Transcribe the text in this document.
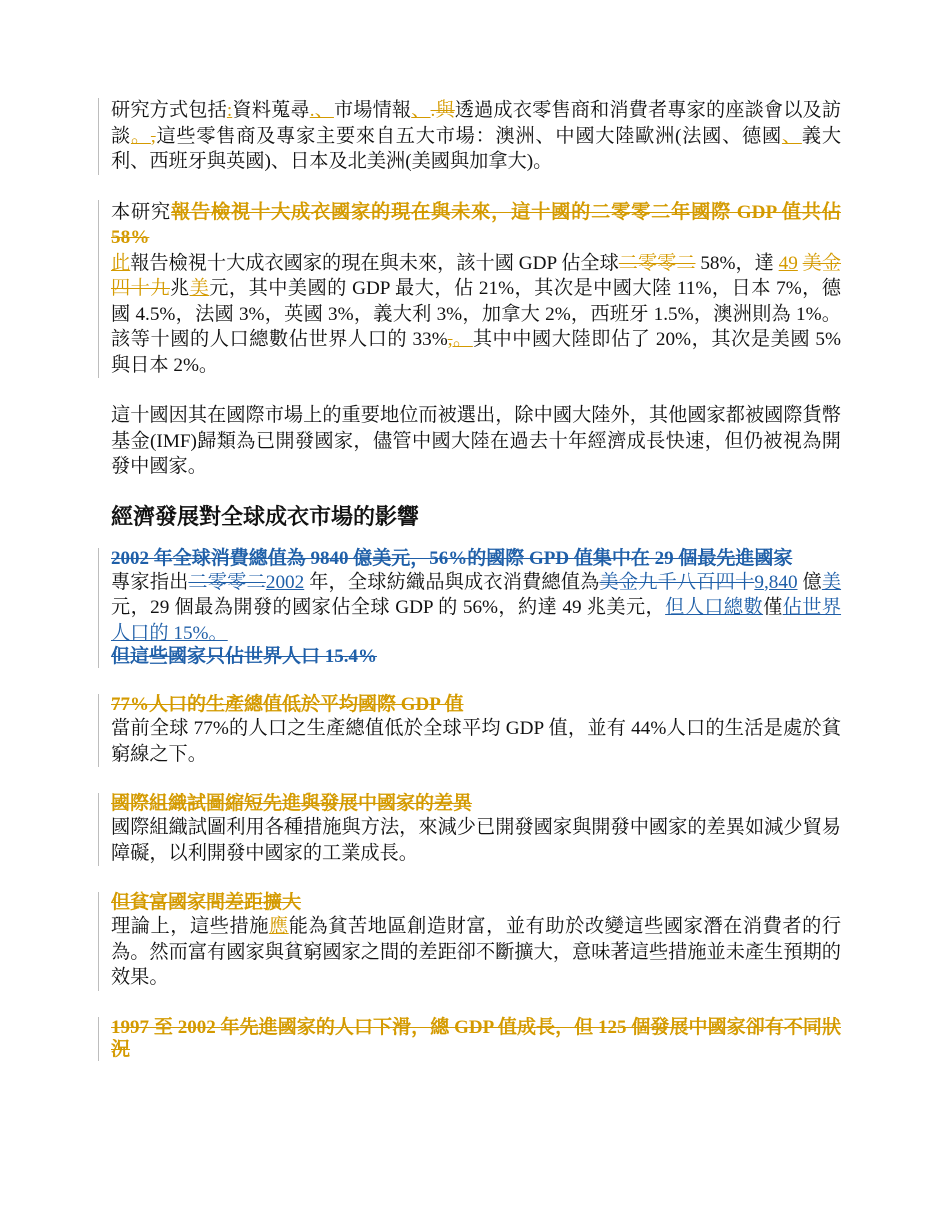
研究方式包括:資料蒐尋.、市場情報、.與透過成衣零售商和消費者專家的座談會以及訪談。,這些零售商及專家主要來自五大市場：澳洲、中國大陸歐洲(法國、德國、義大利、西班牙與英國)、日本及北美洲(美國與加拿大)。
本研究報告檢視十大成衣國家的現在與未來，這十國的二零零二年國際 GDP 值共佔 58%
此報告檢視十大成衣國家的現在與未來，該十國 GDP 佔全球二零零二 58%，達 49 美金四十九兆美元，其中美國的 GDP 最大，佔 21%，其次是中國大陸 11%，日本 7%，德國 4.5%，法國 3%，英國 3%，義大利 3%，加拿大 2%，西班牙 1.5%，澳洲則為 1%。該等十國的人口總數佔世界人口的 33%,。其中中國大陸即佔了 20%，其次是美國 5% 與日本 2%。
這十國因其在國際市場上的重要地位而被選出，除中國大陸外，其他國家都被國際貨幣基金(IMF)歸類為已開發國家，儘管中國大陸在過去十年經濟成長快速，但仍被視為開發中國家。
經濟發展對全球成衣市場的影響
2002 年全球消費總值為 9840 億美元，56%的國際 GPD 值集中在 29 個最先進國家
專家指出二零零二2002 年，全球紡織品與成衣消費總值為美金九千八百四十9,840 億美元，29 個最為開發的國家佔全球 GDP 的 56%，約達 49 兆美元，但人口總數僅佔世界人口的 15%。
但這些國家只佔世界人口 15.4%
77%人口的生產總值低於平均國際 GDP 值
當前全球 77%的人口之生產總值低於全球平均 GDP 值，並有 44%人口的生活是處於貧窮線之下。
國際組織試圖縮短先進與發展中國家的差異
國際組織試圖利用各種措施與方法，來減少已開發國家與開發中國家的差異如減少貿易障礙，以利開發中國家的工業成長。
但貧富國家間差距擴大
理論上，這些措施應能為貧苦地區創造財富，並有助於改變這些國家潛在消費者的行為。然而富有國家與貧窮國家之間的差距卻不斷擴大，意味著這些措施並未產生預期的效果。
1997 至 2002 年先進國家的人口下滑，總 GDP 值成長，但 125 個發展中國家卻有不同狀況
